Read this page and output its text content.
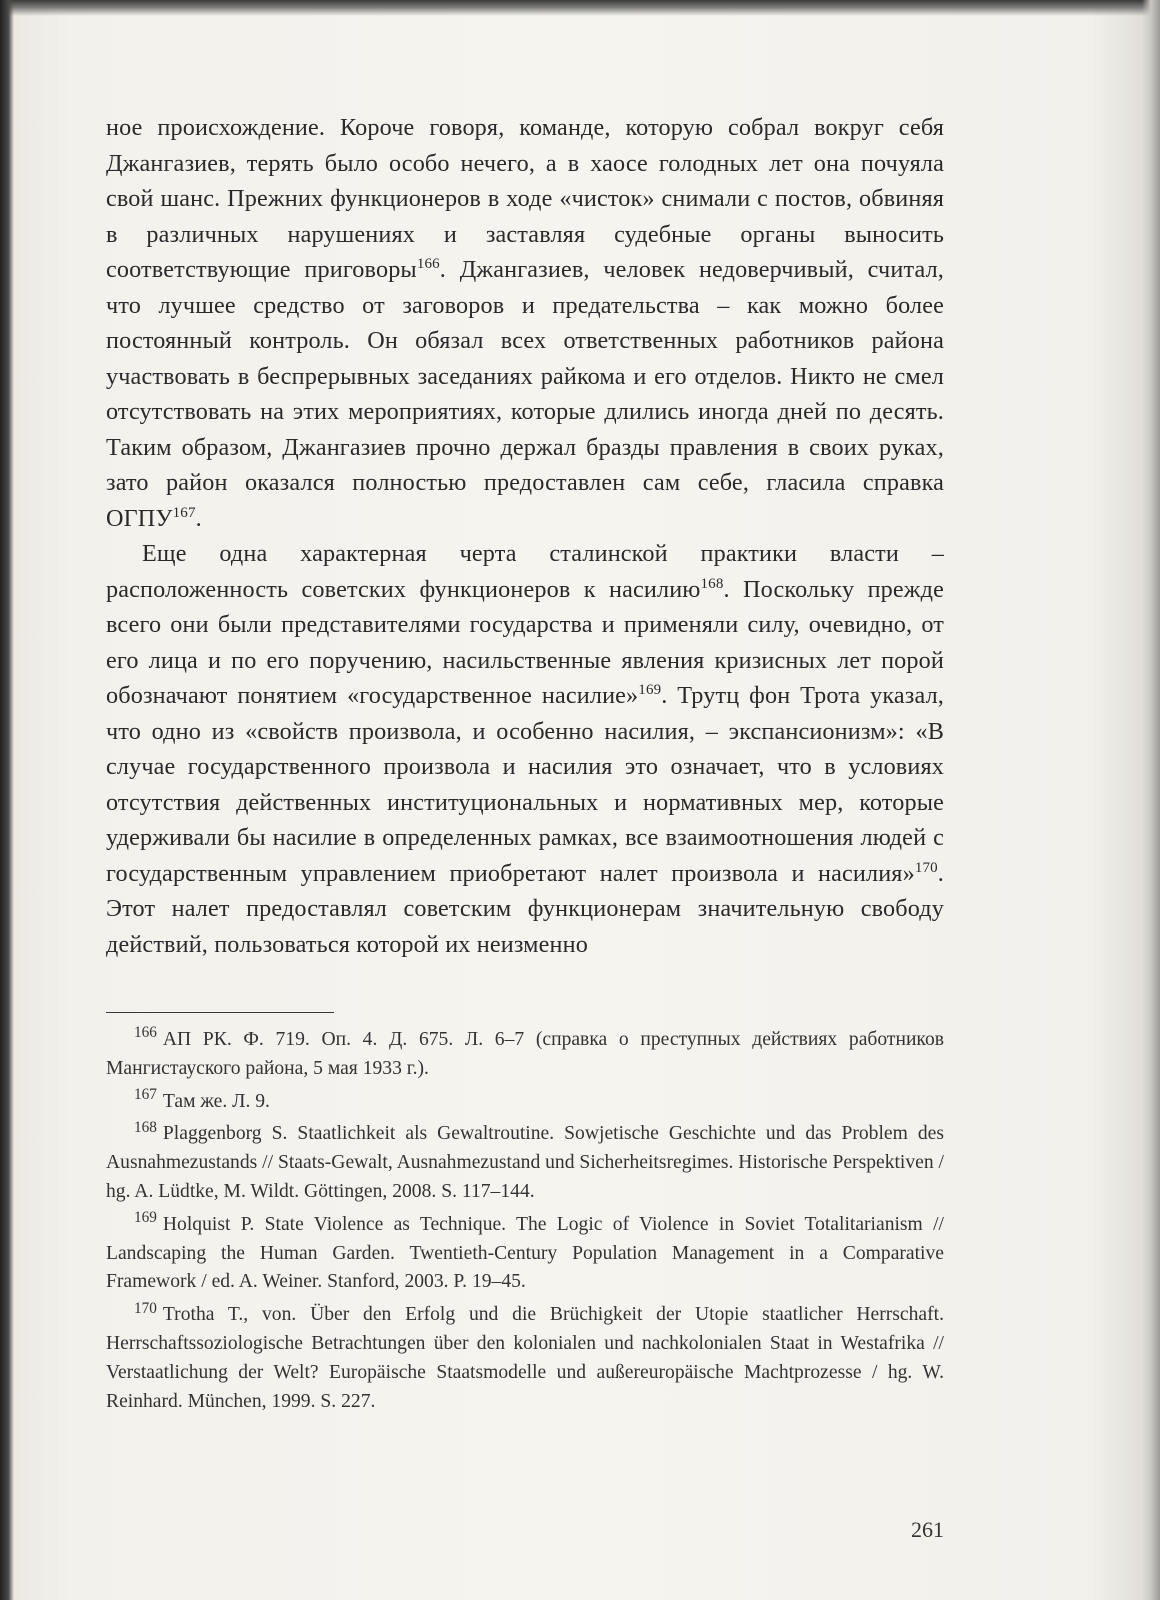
ное происхождение. Короче говоря, команде, которую собрал вокруг себя Джангазиев, терять было особо нечего, а в хаосе голодных лет она почуяла свой шанс. Прежних функционеров в ходе «чисток» снимали с постов, обвиняя в различных нарушениях и заставляя судебные органы выносить соответствующие приговоры$^{166}$. Джангазиев, человек недоверчивый, считал, что лучшее средство от заговоров и предательства – как можно более постоянный контроль. Он обязал всех ответственных работников района участвовать в беспрерывных заседаниях райкома и его отделов. Никто не смел отсутствовать на этих мероприятиях, которые длились иногда дней по десять. Таким образом, Джангазиев прочно держал бразды правления в своих руках, зато район оказался полностью предоставлен сам себе, гласила справка ОГПУ$^{167}$.

Еще одна характерная черта сталинской практики власти – расположенность советских функционеров к насилию$^{168}$. Поскольку прежде всего они были представителями государства и применяли силу, очевидно, от его лица и по его поручению, насильственные явления кризисных лет порой обозначают понятием «государственное насилие»$^{169}$. Трутц фон Трота указал, что одно из «свойств произвола, и особенно насилия, – экспансионизм»: «В случае государственного произвола и насилия это означает, что в условиях отсутствия действенных институциональных и нормативных мер, которые удерживали бы насилие в определенных рамках, все взаимоотношения людей с государственным управлением приобретают налет произвола и насилия»$^{170}$. Этот налет предоставлял советским функционерам значительную свободу действий, пользоваться которой их неизменно

$^{166}$ АП РК. Ф. 719. Оп. 4. Д. 675. Л. 6–7 (справка о преступных действиях работников Мангистауского района, 5 мая 1933 г.).

$^{167}$ Там же. Л. 9.

$^{168}$ Plaggenborg S. Staatlichkeit als Gewaltroutine. Sowjetische Geschichte und das Problem des Ausnahmezustands // Staats-Gewalt, Ausnahmezustand und Sicherheitsregimes. Historische Perspektiven / hg. A. Lüdtke, M. Wildt. Göttingen, 2008. S. 117–144.

$^{169}$ Holquist P. State Violence as Technique. The Logic of Violence in Soviet Totalitarianism // Landscaping the Human Garden. Twentieth-Century Population Management in a Comparative Framework / ed. A. Weiner. Stanford, 2003. P. 19–45.

$^{170}$ Trotha T., von. Über den Erfolg und die Brüchigkeit der Utopie staatlicher Herrschaft. Herrschaftssoziologische Betrachtungen über den kolonialen und nachkolonialen Staat in Westafrika // Verstaatlichung der Welt? Europäische Staatsmodelle und außereuropäische Machtprozesse / hg. W. Reinhard. München, 1999. S. 227.

261
